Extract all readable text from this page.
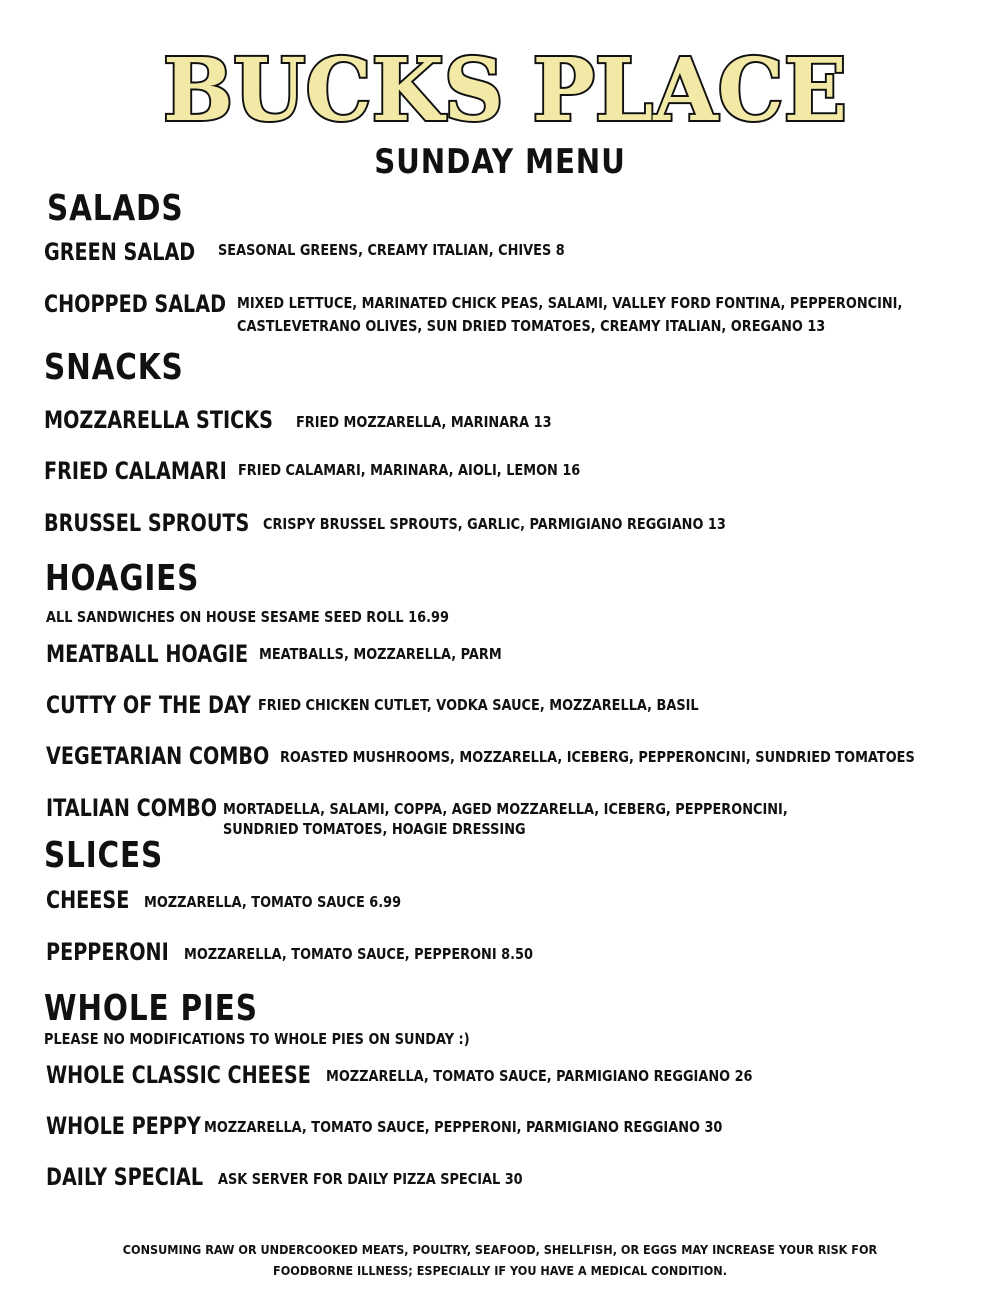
BUCKS PLACE
SUNDAY MENU
SALADS
GREEN SALAD SEASONAL GREENS, CREAMY ITALIAN, CHIVES 8
CHOPPED SALAD MIXED LETTUCE, MARINATED CHICK PEAS, SALAMI, VALLEY FORD FONTINA, PEPPERONCINI,
CASTLEVETRANO OLIVES, SUN DRIED TOMATOES, CREAMY ITALIAN, OREGANO 13
SNACKS
MOZZARELLA STICKS FRIED MOZZARELLA, MARINARA 13
FRIED CALAMARI FRIED CALAMARI, MARINARA, AIOLI, LEMON 16
BRUSSEL SPROUTS CRISPY BRUSSEL SPROUTS, GARLIC, PARMIGIANO REGGIANO 13
HOAGIES
ALL SANDWICHES ON HOUSE SESAME SEED ROLL 16.99
MEATBALL HOAGIE MEATBALLS, MOZZARELLA, PARM
CUTTY OF THE DAY FRIED CHICKEN CUTLET, VODKA SAUCE, MOZZARELLA, BASIL
VEGETARIAN COMBO ROASTED MUSHROOMS, MOZZARELLA, ICEBERG, PEPPERONCINI, SUNDRIED TOMATOES
ITALIAN COMBO MORTADELLA, SALAMI, COPPA, AGED MOZZARELLA, ICEBERG, PEPPERONCINI,
SUNDRIED TOMATOES, HOAGIE DRESSING
SLICES
CHEESE MOZZARELLA, TOMATO SAUCE 6.99
PEPPERONI MOZZARELLA, TOMATO SAUCE, PEPPERONI 8.50
WHOLE PIES
PLEASE NO MODIFICATIONS TO WHOLE PIES ON SUNDAY :)
WHOLE CLASSIC CHEESE MOZZARELLA, TOMATO SAUCE, PARMIGIANO REGGIANO 26
WHOLE PEPPY MOZZARELLA, TOMATO SAUCE, PEPPERONI, PARMIGIANO REGGIANO 30
DAILY SPECIAL ASK SERVER FOR DAILY PIZZA SPECIAL 30
CONSUMING RAW OR UNDERCOOKED MEATS, POULTRY, SEAFOOD, SHELLFISH, OR EGGS MAY INCREASE YOUR RISK FOR
FOODBORNE ILLNESS; ESPECIALLY IF YOU HAVE A MEDICAL CONDITION.
